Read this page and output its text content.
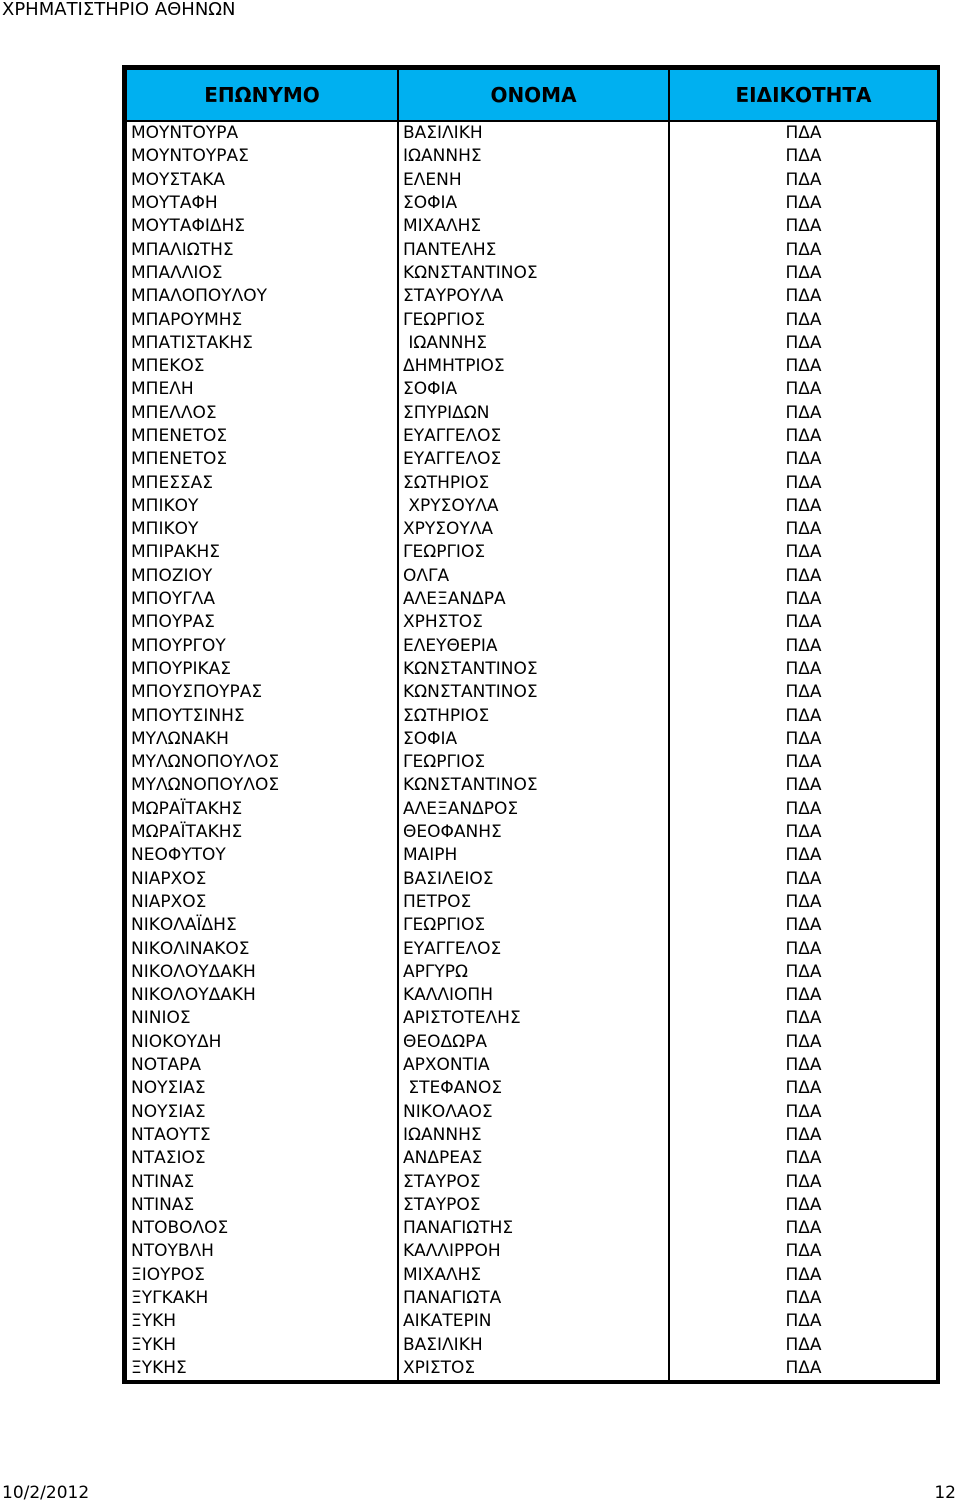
ΧΡΗΜΑΤΙΣΤΗΡΙΟ ΑΘΗΝΩΝ
ΕΠΩΝΥΜΟ	ΟΝΟΜΑ	ΕΙΔΙΚΟΤΗΤΑ
ΜΟΥΝΤΟΥΡΑ	ΒΑΣΙΛΙΚΗ	ΠΔΑ
ΜΟΥΝΤΟΥΡΑΣ	ΙΩΑΝΝΗΣ	ΠΔΑ
ΜΟΥΣΤΑΚΑ	ΕΛΕΝΗ	ΠΔΑ
ΜΟΥΤΑΦΗ	ΣΟΦΙΑ	ΠΔΑ
ΜΟΥΤΑΦΙΔΗΣ	ΜΙΧΑΛΗΣ	ΠΔΑ
ΜΠΑΛΙΩΤΗΣ	ΠΑΝΤΕΛΗΣ	ΠΔΑ
ΜΠΑΛΛΙΟΣ	ΚΩΝΣΤΑΝΤΙΝΟΣ	ΠΔΑ
ΜΠΑΛΟΠΟΥΛΟΥ	ΣΤΑΥΡΟΥΛΑ	ΠΔΑ
ΜΠΑΡΟΥΜΗΣ	ΓΕΩΡΓΙΟΣ	ΠΔΑ
ΜΠΑΤΙΣΤΑΚΗΣ	ΙΩΑΝΝΗΣ	ΠΔΑ
ΜΠΕΚΟΣ	ΔΗΜΗΤΡΙΟΣ	ΠΔΑ
ΜΠΕΛΗ	ΣΟΦΙΑ	ΠΔΑ
ΜΠΕΛΛΟΣ	ΣΠΥΡΙΔΩΝ	ΠΔΑ
ΜΠΕΝΕΤΟΣ	ΕΥΑΓΓΕΛΟΣ	ΠΔΑ
ΜΠΕΝΕΤΟΣ	ΕΥΑΓΓΕΛΟΣ	ΠΔΑ
ΜΠΕΣΣΑΣ	ΣΩΤΗΡΙΟΣ	ΠΔΑ
ΜΠΙΚΟΥ	ΧΡΥΣΟΥΛΑ	ΠΔΑ
ΜΠΙΚΟΥ	ΧΡΥΣΟΥΛΑ	ΠΔΑ
ΜΠΙΡΑΚΗΣ	ΓΕΩΡΓΙΟΣ	ΠΔΑ
ΜΠΟΖΙΟΥ	ΟΛΓΑ	ΠΔΑ
ΜΠΟΥΓΛΑ	ΑΛΕΞΑΝΔΡΑ	ΠΔΑ
ΜΠΟΥΡΑΣ	ΧΡΗΣΤΟΣ	ΠΔΑ
ΜΠΟΥΡΓΟΥ	ΕΛΕΥΘΕΡΙΑ	ΠΔΑ
ΜΠΟΥΡΙΚΑΣ	ΚΩΝΣΤΑΝΤΙΝΟΣ	ΠΔΑ
ΜΠΟΥΣΠΟΥΡΑΣ	ΚΩΝΣΤΑΝΤΙΝΟΣ	ΠΔΑ
ΜΠΟΥΤΣΙΝΗΣ	ΣΩΤΗΡΙΟΣ	ΠΔΑ
ΜΥΛΩΝΑΚΗ	ΣΟΦΙΑ	ΠΔΑ
ΜΥΛΩΝΟΠΟΥΛΟΣ	ΓΕΩΡΓΙΟΣ	ΠΔΑ
ΜΥΛΩΝΟΠΟΥΛΟΣ	ΚΩΝΣΤΑΝΤΙΝΟΣ	ΠΔΑ
ΜΩΡΑΪΤΑΚΗΣ	ΑΛΕΞΑΝΔΡΟΣ	ΠΔΑ
ΜΩΡΑΪΤΑΚΗΣ	ΘΕΟΦΑΝΗΣ	ΠΔΑ
ΝΕΟΦΥΤΟΥ	ΜΑΙΡΗ	ΠΔΑ
ΝΙΑΡΧΟΣ	ΒΑΣΙΛΕΙΟΣ	ΠΔΑ
ΝΙΑΡΧΟΣ	ΠΕΤΡΟΣ	ΠΔΑ
ΝΙΚΟΛΑΪΔΗΣ	ΓΕΩΡΓΙΟΣ	ΠΔΑ
ΝΙΚΟΛΙΝΑΚΟΣ	ΕΥΑΓΓΕΛΟΣ	ΠΔΑ
ΝΙΚΟΛΟΥΔΑΚΗ	ΑΡΓΥΡΩ	ΠΔΑ
ΝΙΚΟΛΟΥΔΑΚΗ	ΚΑΛΛΙΟΠΗ	ΠΔΑ
ΝΙΝΙΟΣ	ΑΡΙΣΤΟΤΕΛΗΣ	ΠΔΑ
ΝΙΟΚΟΥΔΗ	ΘΕΟΔΩΡΑ	ΠΔΑ
ΝΟΤΑΡΑ	ΑΡΧΟΝΤΙΑ	ΠΔΑ
ΝΟΥΣΙΑΣ	ΣΤΕΦΑΝΟΣ	ΠΔΑ
ΝΟΥΣΙΑΣ	ΝΙΚΟΛΑΟΣ	ΠΔΑ
ΝΤΑΟΥΤΣ	ΙΩΑΝΝΗΣ	ΠΔΑ
ΝΤΑΣΙΟΣ	ΑΝΔΡΕΑΣ	ΠΔΑ
ΝΤΙΝΑΣ	ΣΤΑΥΡΟΣ	ΠΔΑ
ΝΤΙΝΑΣ	ΣΤΑΥΡΟΣ	ΠΔΑ
ΝΤΟΒΟΛΟΣ	ΠΑΝΑΓΙΩΤΗΣ	ΠΔΑ
ΝΤΟΥΒΛΗ	ΚΑΛΛΙΡΡΟΗ	ΠΔΑ
ΞΙΟΥΡΟΣ	ΜΙΧΑΛΗΣ	ΠΔΑ
ΞΥΓΚΑΚΗ	ΠΑΝΑΓΙΩΤΑ	ΠΔΑ
ΞΥΚΗ	ΑΙΚΑΤΕΡΙΝ	ΠΔΑ
ΞΥΚΗ	ΒΑΣΙΛΙΚΗ	ΠΔΑ
ΞΥΚΗΣ	ΧΡΙΣΤΟΣ	ΠΔΑ
10/2/2012	12
